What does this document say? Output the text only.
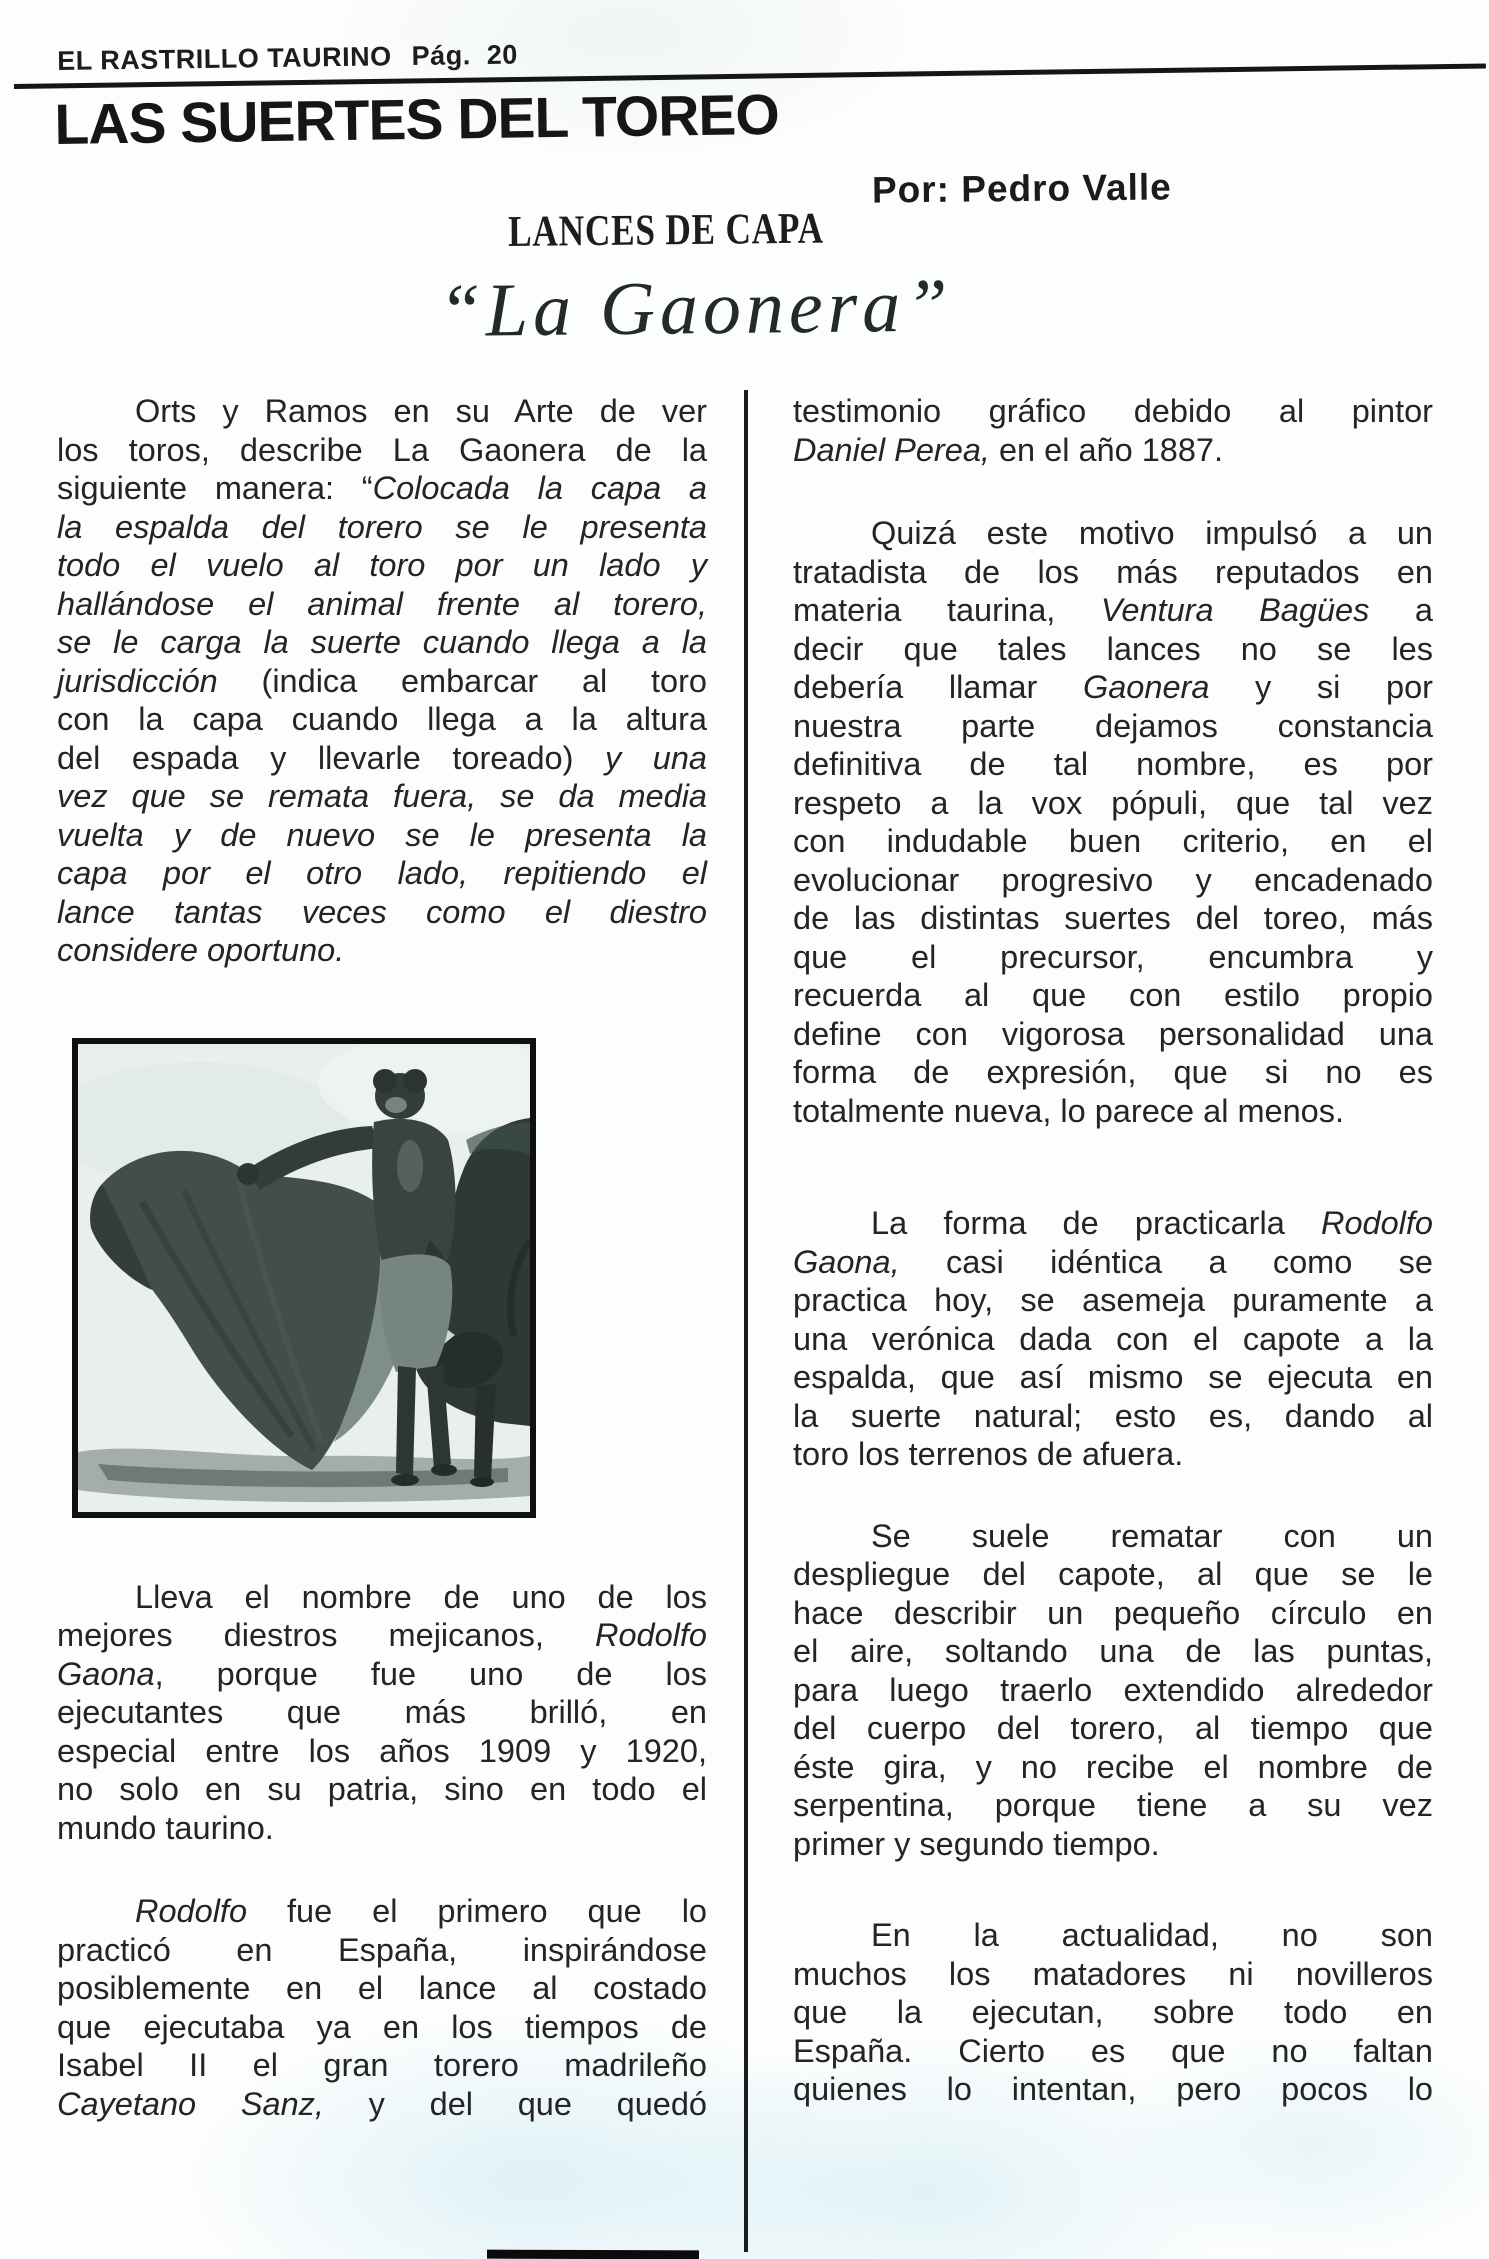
EL RASTRILLO TAURINO Pág. 20
LAS SUERTES DEL TOREO
Por: Pedro Valle
LANCES DE CAPA
“La Gaonera”

Orts y Ramos en su Arte de ver
los toros, describe La Gaonera de la
siguiente manera: “Colocada la capa a
la espalda del torero se le presenta
todo el vuelo al toro por un lado y
hallándose el animal frente al torero,
se le carga la suerte cuando llega a la
jurisdicción (indica embarcar al toro
con la capa cuando llega a la altura
del espada y llevarle toreado) y una
vez que se remata fuera, se da media
vuelta y de nuevo se le presenta la
capa por el otro lado, repitiendo el
lance tantas veces como el diestro
considere oportuno.

Lleva el nombre de uno de los
mejores diestros mejicanos, Rodolfo
Gaona, porque fue uno de los
ejecutantes que más brilló, en
especial entre los años 1909 y 1920,
no solo en su patria, sino en todo el
mundo taurino.

Rodolfo fue el primero que lo
practicó en España, inspirándose
posiblemente en el lance al costado
que ejecutaba ya en los tiempos de
Isabel II el gran torero madrileño
Cayetano Sanz, y del que quedó

testimonio gráfico debido al pintor
Daniel Perea, en el año 1887.

Quizá este motivo impulsó a un
tratadista de los más reputados en
materia taurina, Ventura Bagües a
decir que tales lances no se les
debería llamar Gaonera y si por
nuestra parte dejamos constancia
definitiva de tal nombre, es por
respeto a la vox pópuli, que tal vez
con indudable buen criterio, en el
evolucionar progresivo y encadenado
de las distintas suertes del toreo, más
que el precursor, encumbra y
recuerda al que con estilo propio
define con vigorosa personalidad una
forma de expresión, que si no es
totalmente nueva, lo parece al menos.

La forma de practicarla Rodolfo
Gaona, casi idéntica a como se
practica hoy, se asemeja puramente a
una verónica dada con el capote a la
espalda, que así mismo se ejecuta en
la suerte natural; esto es, dando al
toro los terrenos de afuera.

Se suele rematar con un
despliegue del capote, al que se le
hace describir un pequeño círculo en
el aire, soltando una de las puntas,
para luego traerlo extendido alrededor
del cuerpo del torero, al tiempo que
éste gira, y no recibe el nombre de
serpentina, porque tiene a su vez
primer y segundo tiempo.

En la actualidad, no son
muchos los matadores ni novilleros
que la ejecutan, sobre todo en
España. Cierto es que no faltan
quienes lo intentan, pero pocos lo
